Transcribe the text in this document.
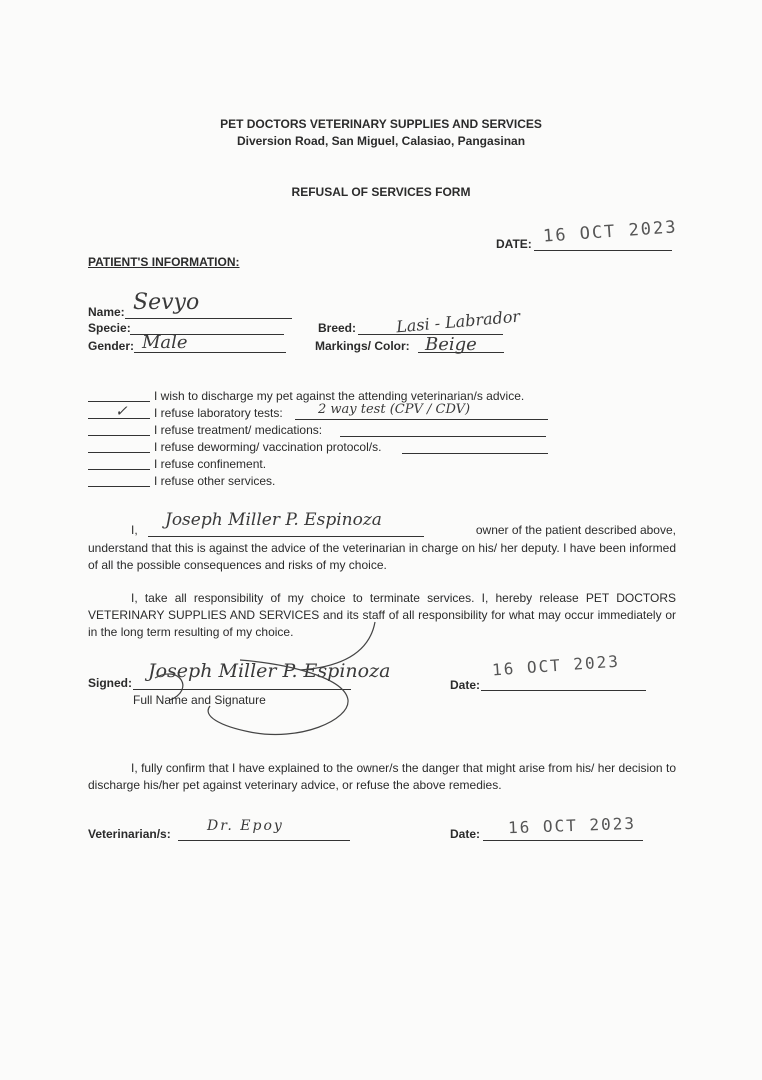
PET DOCTORS VETERINARY SUPPLIES AND SERVICES
Diversion Road, San Miguel, Calasiao, Pangasinan
REFUSAL OF SERVICES FORM
DATE: 16 OCT 2023
PATIENT'S INFORMATION:
Name: Sevyo
Specie:
Gender: Male
Breed: Lasi - Labrador
Markings/ Color: Beige
I wish to discharge my pet against the attending veterinarian/s advice.
✓ I refuse laboratory tests:	2 way test (CPV / CDV)
I refuse treatment/ medications:
I refuse deworming/ vaccination protocol/s.
I refuse confinement.
I refuse other services.
I, Joseph Miller P. Espinoza	owner of the patient described above,
understand that this is against the advice of the veterinarian in charge on his/ her deputy. I have been informed of all the possible consequences and risks of my choice.
I, take all responsibility of my choice to terminate services. I, hereby release PET DOCTORS VETERINARY SUPPLIES AND SERVICES and its staff of all responsibility for what may occur immediately or in the long term resulting of my choice.
Signed:
Joseph Miller P. Espinoza
Full Name and Signature
Date:
16 OCT 2023
I, fully confirm that I have explained to the owner/s the danger that might arise from his/ her decision to discharge his/her pet against veterinary advice, or refuse the above remedies.
Veterinarian/s:	Dr. Epoy	Date: 16 OCT 2023
